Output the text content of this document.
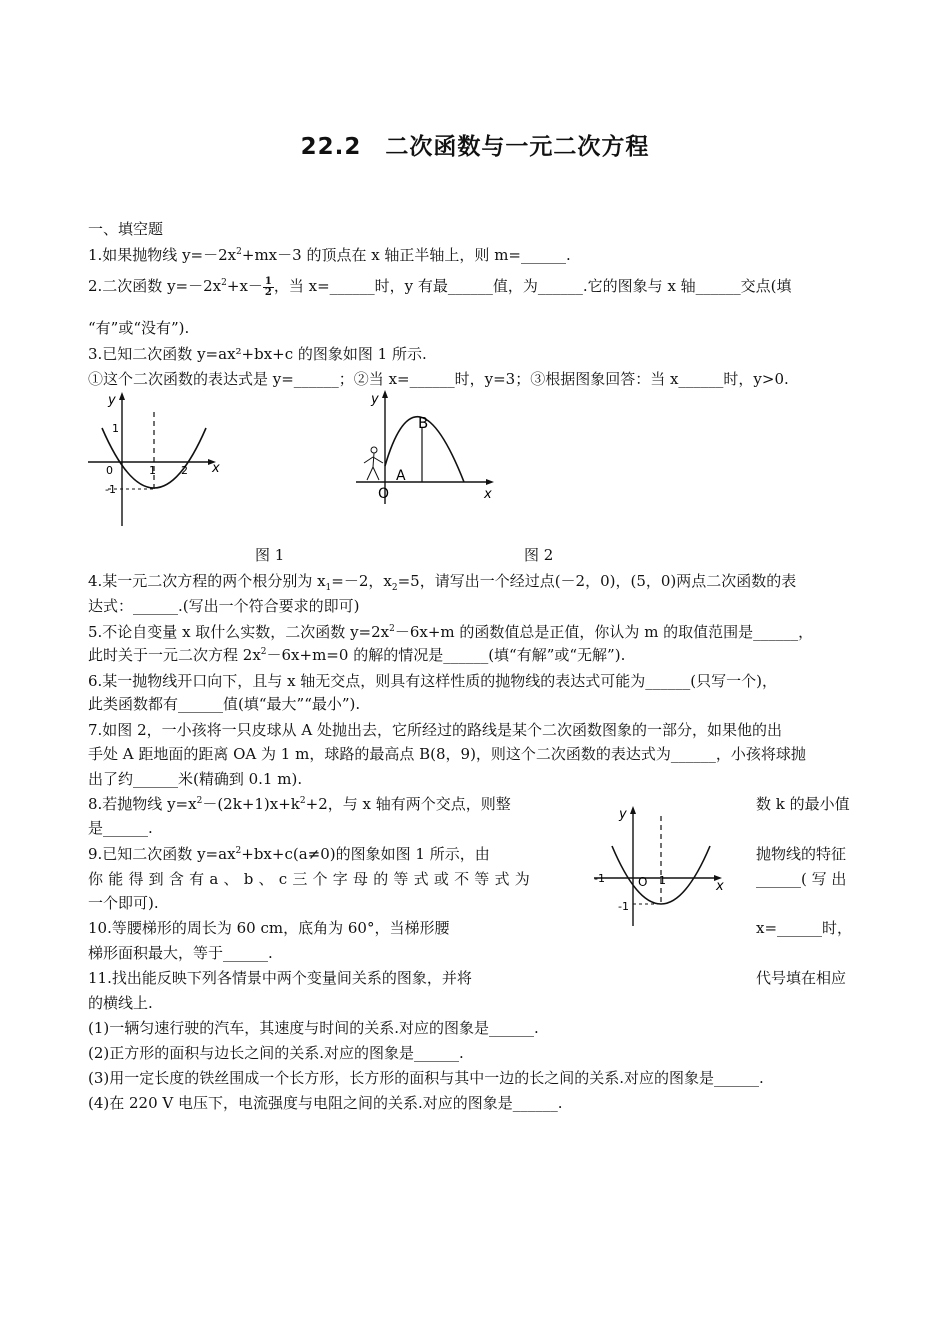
22.2　二次函数与一元二次方程
一、填空题
1.如果抛物线 $y=-2x^2+mx-3$ 的顶点在 x 轴正半轴上，则 m=______.
2.二次函数 $y=-2x^2+x- \frac{1}{2}$ ，当 x=______时，y 有最______值，为______.它的图象与 x 轴______交点(填
“有”或“没有”).
3.已知二次函数 y=ax²+bx+c 的图象如图 1 所示.
①这个二次函数的表达式是 y=______；②当 x=______时，y=3；③根据图象回答：当 x______时，y>0.
y
x
1
-1
0	1 2
B
A
O
y
x
图 1	图 2
4.某一元二次方程的两个根分别为 $x_1=-2$，$x_2=5$，请写出一个经过点(－2，0)，(5，0)两点二次函数的表
达式：______.(写出一个符合要求的即可)
5.不论自变量 x 取什么实数，二次函数 $y=2x^2-6x+m$ 的函数值总是正值，你认为 m 的取值范围是______，
此时关于一元二次方程 $2x^2-6x+m=0$ 的解的情况是______(填“有解”或“无解”).
6.某一抛物线开口向下，且与 x 轴无交点，则具有这样性质的抛物线的表达式可能为______(只写一个)，
此类函数都有______值(填“最大”“最小”).
7.如图 2，一小孩将一只皮球从 A 处抛出去，它所经过的路线是某个二次函数图象的一部分，如果他的出
手处 A 距地面的距离 OA 为 1 m，球路的最高点 B(8，9)，则这个二次函数的表达式为______，小孩将球抛
出了约______米(精确到 0.1 m).
8.若抛物线 $y=x^2-(2k+1)x+k^2+2$，与 x 轴有两个交点，则整	数 k 的最小值
是______.
y
x
-1	O 1
-1
9.已知二次函数 $y=ax^2+bx+c(a\ne 0)$的图象如图 1 所示，由	抛物线的特征
你 能 得 到 含 有 a 、 b 、 c 三 个 字 母 的 等 式 或 不 等 式 为	______( 写 出
一个即可).
10.等腰梯形的周长为 60 cm，底角为 60°，当梯形腰	x=______时，
梯形面积最大，等于______.
11.找出能反映下列各情景中两个变量间关系的图象，并将	代号填在相应
的横线上.
(1)一辆匀速行驶的汽车，其速度与时间的关系.对应的图象是______.
(2)正方形的面积与边长之间的关系.对应的图象是______.
(3)用一定长度的铁丝围成一个长方形，长方形的面积与其中一边的长之间的关系.对应的图象是______.
(4)在 220 V 电压下，电流强度与电阻之间的关系.对应的图象是______.
